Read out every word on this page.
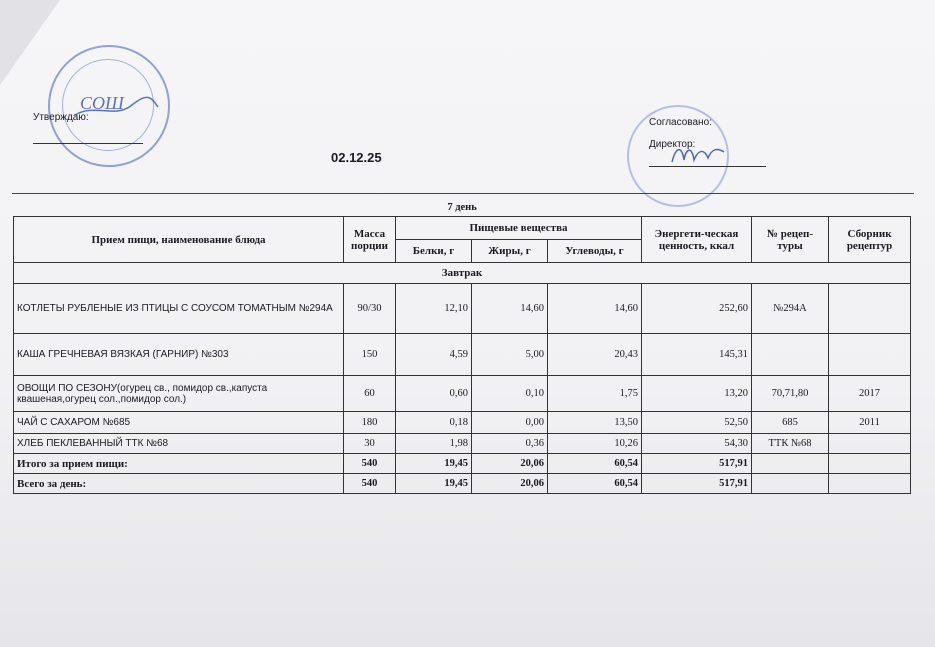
СОШ
Утверждаю:	Согласовано:
Директор:
02.12.25
7 день							
Прием пищи, наименование блюда	Масса порции	Пищевые вещества			Энергети-ческая ценность, ккал	№ рецеп-туры	Сборник рецептур
		Белки, г	Жиры, г	Углеводы, г			
Завтрак							
КОТЛЕТЫ РУБЛЕНЫЕ ИЗ ПТИЦЫ С СОУСОМ ТОМАТНЫМ №294А	90/30	12,10	14,60	14,60	252,60	№294А	
КАША ГРЕЧНЕВАЯ ВЯЗКАЯ (ГАРНИР) №303	150	4,59	5,00	20,43	145,31		
ОВОЩИ ПО СЕЗОНУ(огурец св., помидор св.,капуста квашеная,огурец сол.,помидор сол.)	60	0,60	0,10	1,75	13,20	70,71,80	2017
ЧАЙ С САХАРОМ №685	180	0,18	0,00	13,50	52,50	685	2011
ХЛЕБ ПЕКЛЕВАННЫЙ ТТК №68	30	1,98	0,36	10,26	54,30	ТТК №68	
Итого за прием пищи:	540	19,45	20,06	60,54	517,91		
Всего за день:	540	19,45	20,06	60,54	517,91		
